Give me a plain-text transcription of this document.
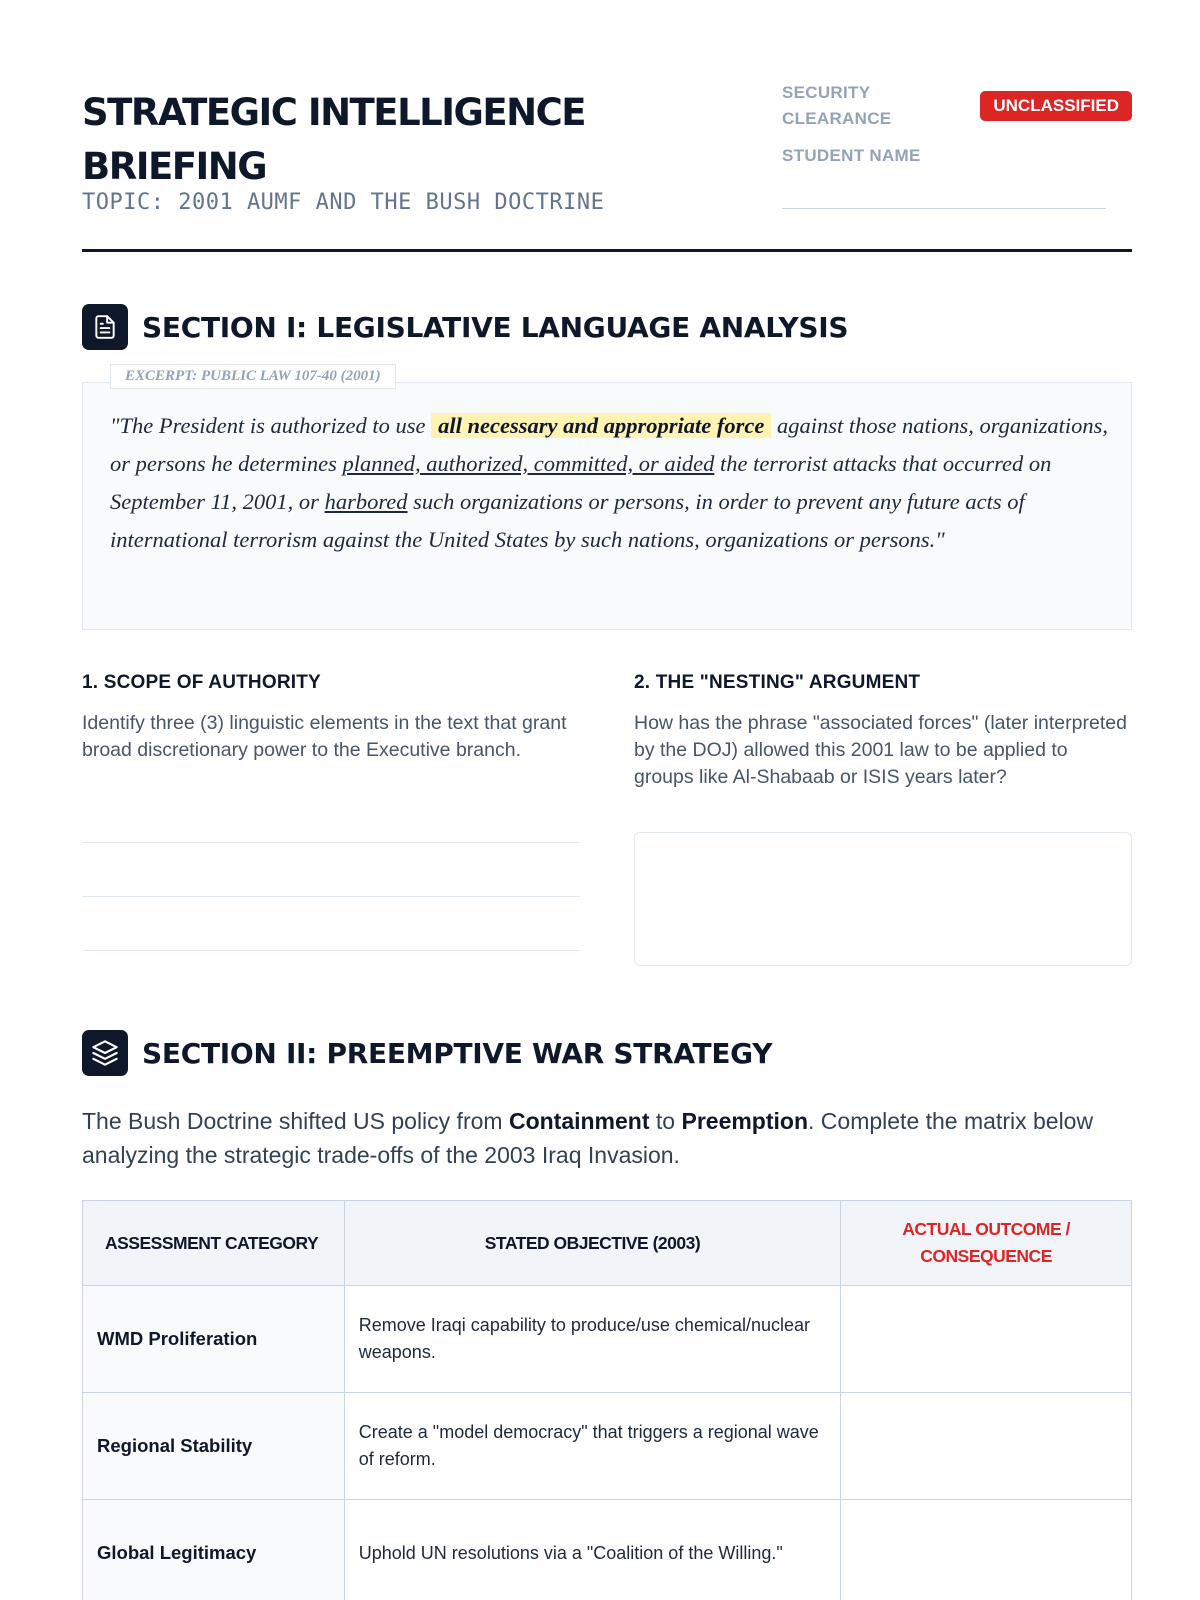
STRATEGIC INTELLIGENCE BRIEFING
TOPIC: 2001 AUMF AND THE BUSH DOCTRINE
SECURITY CLEARANCE
UNCLASSIFIED
STUDENT NAME
SECTION I: LEGISLATIVE LANGUAGE ANALYSIS
EXCERPT: PUBLIC LAW 107-40 (2001)
"The President is authorized to use all necessary and appropriate force against those nations, organizations, or persons he determines planned, authorized, committed, or aided the terrorist attacks that occurred on September 11, 2001, or harbored such organizations or persons, in order to prevent any future acts of international terrorism against the United States by such nations, organizations or persons."
1. SCOPE OF AUTHORITY
Identify three (3) linguistic elements in the text that grant broad discretionary power to the Executive branch.
2. THE "NESTING" ARGUMENT
How has the phrase "associated forces" (later interpreted by the DOJ) allowed this 2001 law to be applied to groups like Al-Shabaab or ISIS years later?
SECTION II: PREEMPTIVE WAR STRATEGY
The Bush Doctrine shifted US policy from Containment to Preemption. Complete the matrix below analyzing the strategic trade-offs of the 2003 Iraq Invasion.
ASSESSMENT CATEGORY	STATED OBJECTIVE (2003)	ACTUAL OUTCOME / CONSEQUENCE
WMD Proliferation	Remove Iraqi capability to produce/use chemical/nuclear weapons.	
Regional Stability	Create a "model democracy" that triggers a regional wave of reform.	
Global Legitimacy	Uphold UN resolutions via a "Coalition of the Willing."	
